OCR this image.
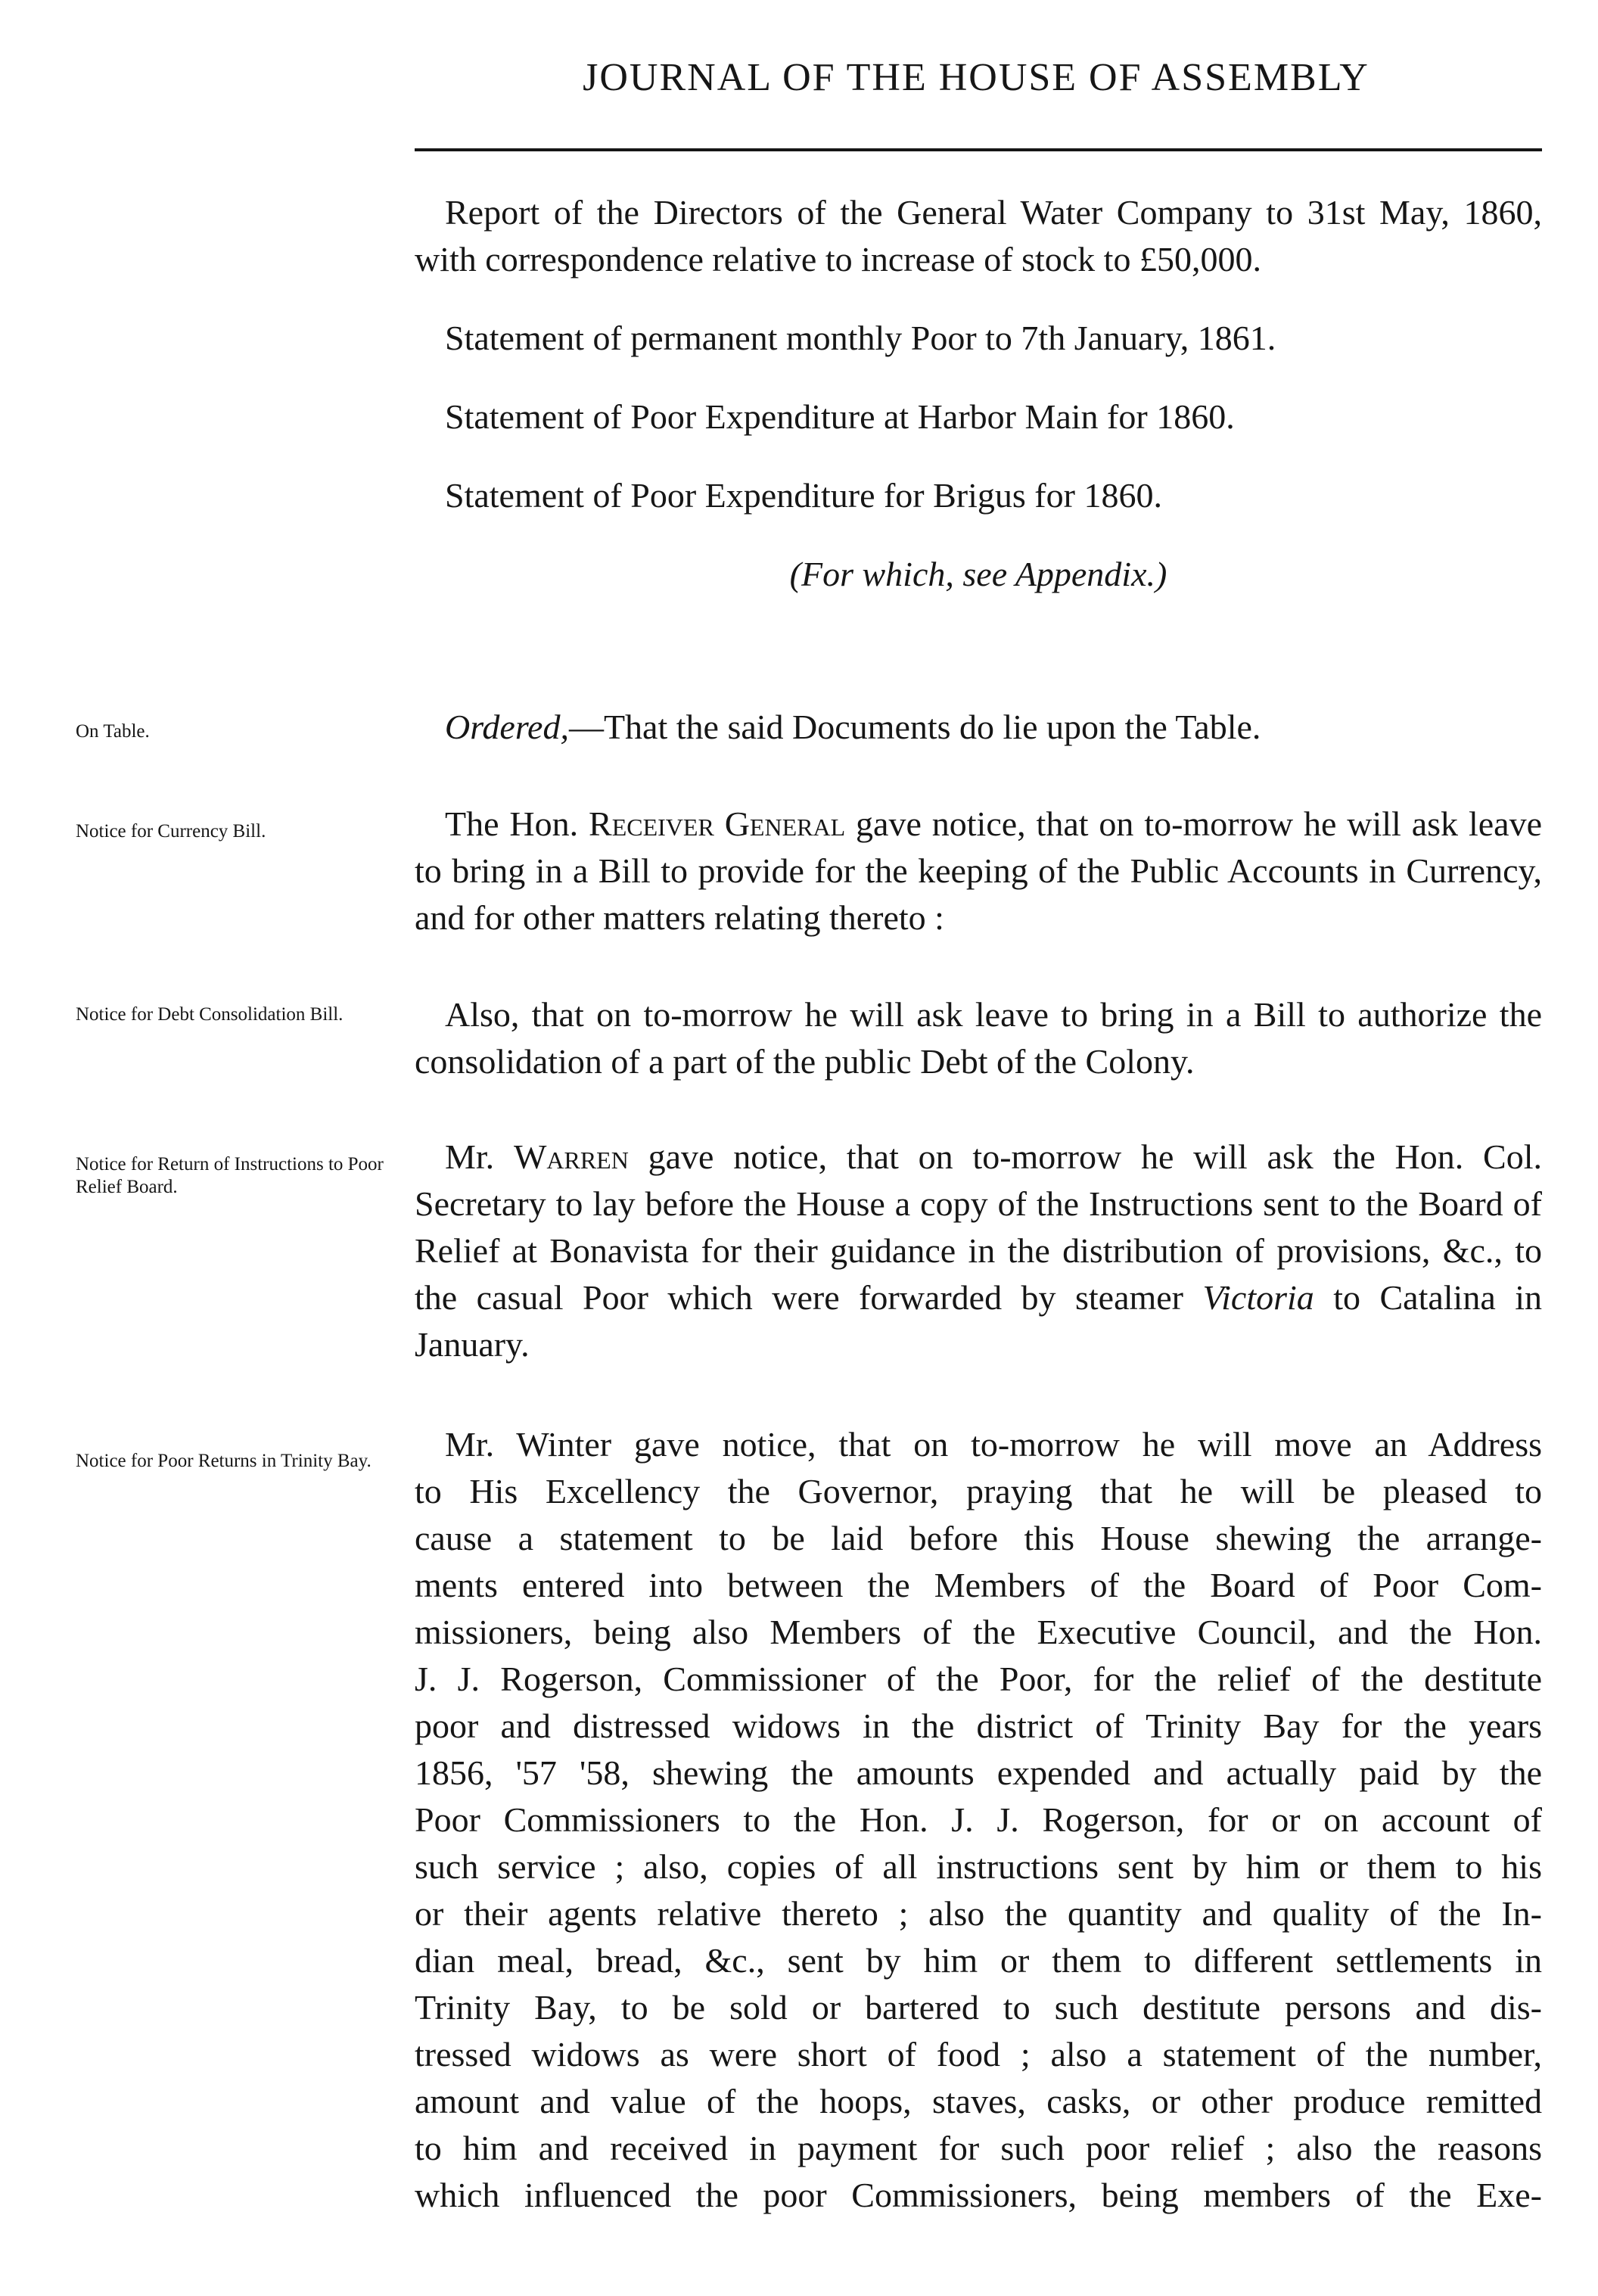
JOURNAL OF THE HOUSE OF ASSEMBLY

Report of the Directors of the General Water Company to 31st May, 1860, with correspondence relative to increase of stock to £50,000.

Statement of permanent monthly Poor to 7th January, 1861.

Statement of Poor Expenditure at Harbor Main for 1860.

Statement of Poor Expenditure for Brigus for 1860.

(For which, see Appendix.)

On Table.	Ordered,—That the said Documents do lie upon the Table.

Notice for Currency Bill.	The Hon. Receiver General gave notice, that on to-morrow he will ask leave to bring in a Bill to provide for the keeping of the Public Accounts in Currency, and for other matters relating thereto :

Notice for Debt Consolidation Bill.	Also, that on to-morrow he will ask leave to bring in a Bill to authorize the consolidation of a part of the public Debt of the Colony.

Notice for Return of Instructions to Poor Relief Board.

Mr. Warren gave notice, that on to-morrow he will ask the Hon. Col. Secretary to lay before the House a copy of the Instructions sent to the Board of Relief at Bonavista for their guidance in the distribution of provisions, &c., to the casual Poor which were forwarded by steamer Victoria to Catalina in January.

Notice for Poor Returns in Trinity Bay.	Mr. Winter gave notice, that on to-morrow he will move an Address
to His Excellency the Governor, praying that he will be pleased to
cause a statement to be laid before this House shewing the arrange-
ments entered into between the Members of the Board of Poor Com-
missioners, being also Members of the Executive Council, and the Hon.
J. J. Rogerson, Commissioner of the Poor, for the relief of the destitute
poor and distressed widows in the district of Trinity Bay for the years
1856, '57 '58, shewing the amounts expended and actually paid by the
Poor Commissioners to the Hon. J. J. Rogerson, for or on account of
such service ; also, copies of all instructions sent by him or them to his
or their agents relative thereto ; also the quantity and quality of the In-
dian meal, bread, &c., sent by him or them to different settlements in
Trinity Bay, to be sold or bartered to such destitute persons and dis-
tressed widows as were short of food ; also a statement of the number,
amount and value of the hoops, staves, casks, or other produce remitted
to him and received in payment for such poor relief ; also the reasons
which influenced the poor Commissioners, being members of the Exe-
